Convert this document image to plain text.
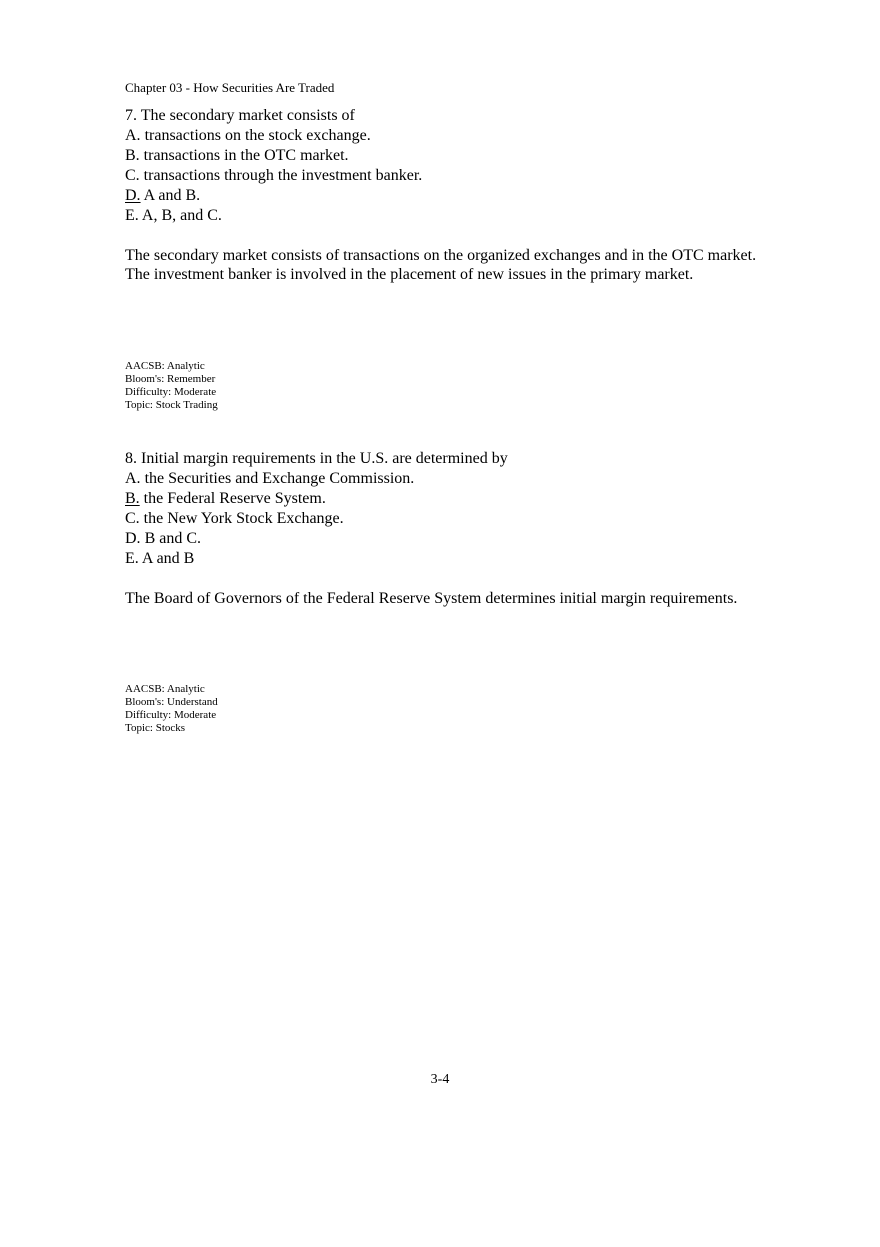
Chapter 03 - How Securities Are Traded
7. The secondary market consists of
A. transactions on the stock exchange.
B. transactions in the OTC market.
C. transactions through the investment banker.
D. A and B.
E. A, B, and C.
The secondary market consists of transactions on the organized exchanges and in the OTC market. The investment banker is involved in the placement of new issues in the primary market.
AACSB: Analytic
Bloom's: Remember
Difficulty: Moderate
Topic: Stock Trading
8. Initial margin requirements in the U.S. are determined by
A. the Securities and Exchange Commission.
B. the Federal Reserve System.
C. the New York Stock Exchange.
D. B and C.
E. A and B
The Board of Governors of the Federal Reserve System determines initial margin requirements.
AACSB: Analytic
Bloom's: Understand
Difficulty: Moderate
Topic: Stocks
3-4
